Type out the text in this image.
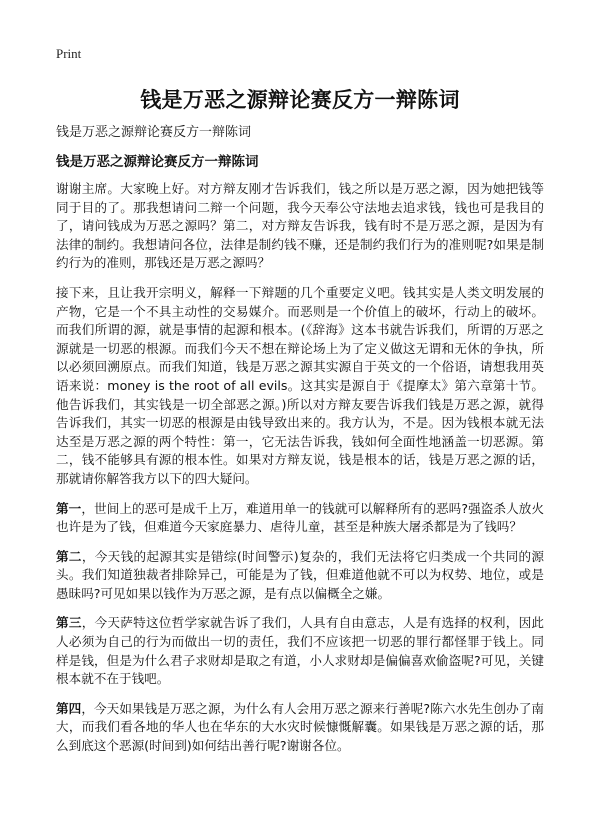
Print
钱是万恶之源辩论赛反方一辩陈词
钱是万恶之源辩论赛反方一辩陈词
钱是万恶之源辩论赛反方一辩陈词

谢谢主席。大家晚上好。对方辩友刚才告诉我们，钱之所以是万恶之源，因为她把钱等同于目的了。那我想请问二辩一个问题，我今天奉公守法地去追求钱，钱也可是我目的了，请问钱成为万恶之源吗？第二，对方辩友告诉我，钱有时不是万恶之源，是因为有法律的制约。我想请问各位，法律是制约钱不赚，还是制约我们行为的准则呢?如果是制约行为的准则，那钱还是万恶之源吗？

接下来，且让我开宗明义，解释一下辩题的几个重要定义吧。钱其实是人类文明发展的产物，它是一个不具主动性的交易媒介。而恶则是一个价值上的破坏，行动上的破坏。而我们所谓的源，就是事情的起源和根本。(《辞海》这本书就告诉我们，所谓的万恶之源就是一切恶的根源。而我们今天不想在辩论场上为了定义做这无谓和无休的争执，所以必须回溯原点。而我们知道，钱是万恶之源其实源自于英文的一个俗语，请想我用英语来说：money is the root of all evils。这其实是源自于《提摩太》第六章第十节。他告诉我们，其实钱是一切全部恶之源。)所以对方辩友要告诉我们钱是万恶之源，就得告诉我们，其实一切恶的根源是由钱导致出来的。我方认为，不是。因为钱根本就无法达至是万恶之源的两个特性：第一，它无法告诉我，钱如何全面性地涵盖一切恶源。第二，钱不能够具有源的根本性。如果对方辩友说，钱是根本的话，钱是万恶之源的话，那就请你解答我方以下的四大疑问。

第一，世间上的恶可是成千上万，难道用单一的钱就可以解释所有的恶吗?强盗杀人放火也许是为了钱，但难道今天家庭暴力、虐待儿童，甚至是种族大屠杀都是为了钱吗？

第二，今天钱的起源其实是错综(时间警示)复杂的，我们无法将它归类成一个共同的源头。我们知道独裁者排除异己，可能是为了钱，但难道他就不可以为权势、地位，或是愚昧吗?可见如果以钱作为万恶之源，是有点以偏概全之嫌。

第三，今天萨特这位哲学家就告诉了我们，人具有自由意志，人是有选择的权利，因此人必须为自己的行为而做出一切的责任，我们不应该把一切恶的罪行都怪罪于钱上。同样是钱，但是为什么君子求财却是取之有道，小人求财却是偏偏喜欢偷盗呢?可见，关键根本就不在于钱吧。

第四，今天如果钱是万恶之源，为什么有人会用万恶之源来行善呢?陈六水先生创办了南大，而我们看各地的华人也在华东的大水灾时候慷慨解囊。如果钱是万恶之源的话，那么到底这个恶源(时间到)如何结出善行呢?谢谢各位。
